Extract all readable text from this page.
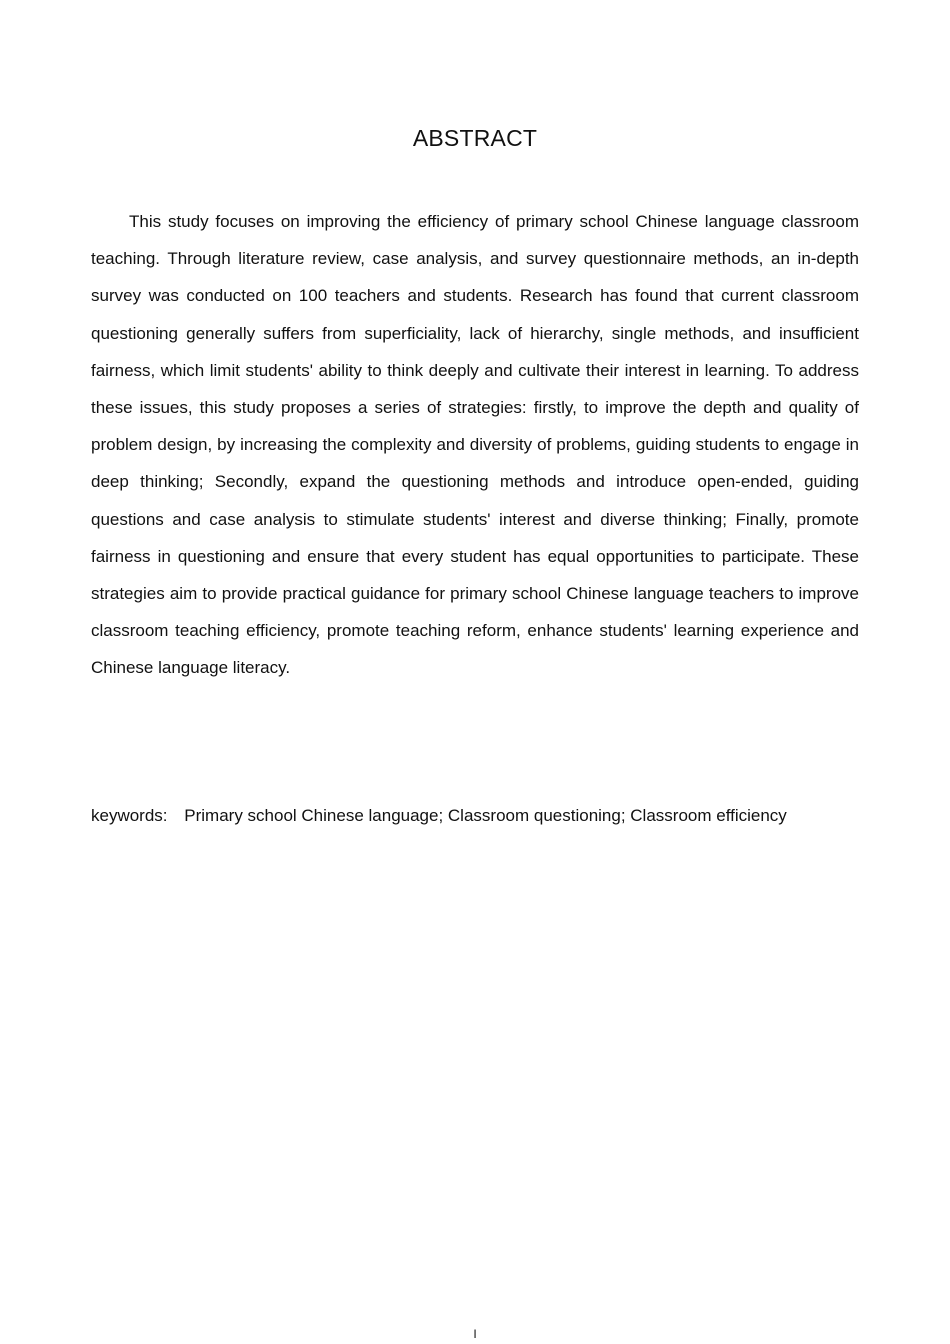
ABSTRACT

This study focuses on improving the efficiency of primary school Chinese language classroom teaching. Through literature review, case analysis, and survey questionnaire methods, an in-depth survey was conducted on 100 teachers and students. Research has found that current classroom questioning generally suffers from superficiality, lack of hierarchy, single methods, and insufficient fairness, which limit students' ability to think deeply and cultivate their interest in learning. To address these issues, this study proposes a series of strategies: firstly, to improve the depth and quality of problem design, by increasing the complexity and diversity of problems, guiding students to engage in deep thinking; Secondly, expand the questioning methods and introduce open-ended, guiding questions and case analysis to stimulate students' interest and diverse thinking; Finally, promote fairness in questioning and ensure that every student has equal opportunities to participate. These strategies aim to provide practical guidance for primary school Chinese language teachers to improve classroom teaching efficiency, promote teaching reform, enhance students' learning experience and Chinese language literacy.

keywords: Primary school Chinese language; Classroom questioning; Classroom efficiency

I
